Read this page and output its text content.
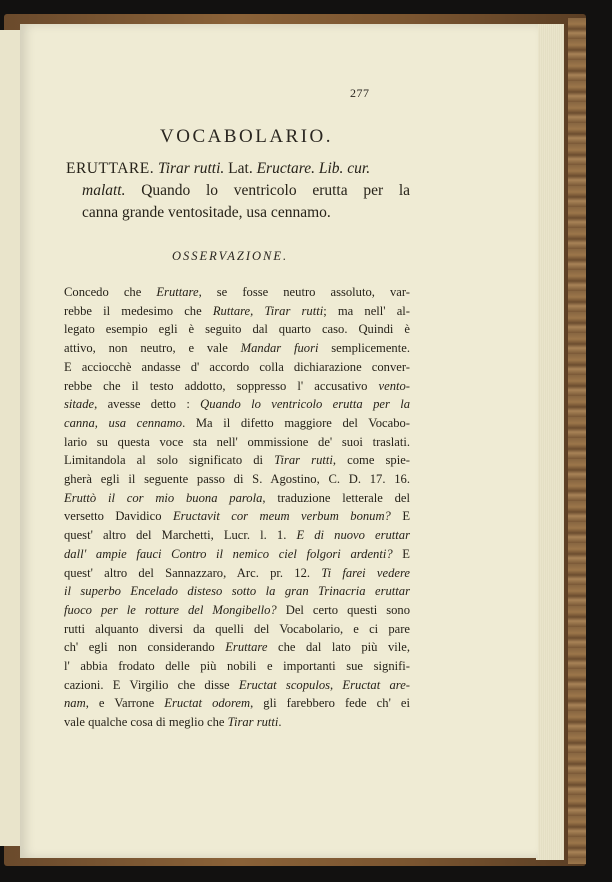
277
VOCABOLARIO.
ERUTTARE. Tirar rutti. Lat. Eructare. Lib. cur.
malatt. Quando lo ventricolo erutta per la
canna grande ventositade, usa cennamo.
OSSERVAZIONE.
Concedo che Eruttare, se fosse neutro assoluto, var-
rebbe il medesimo che Ruttare, Tirar rutti; ma nell' al-
legato esempio egli è seguito dal quarto caso. Quindi è
attivo, non neutro, e vale Mandar fuori semplicemente.
E acciocchè andasse d' accordo colla dichiarazione conver-
rebbe che il testo addotto, soppresso l' accusativo vento-
sitade, avesse detto : Quando lo ventricolo erutta per la
canna, usa cennamo. Ma il difetto maggiore del Vocabo-
lario su questa voce sta nell' ommissione de' suoi traslati.
Limitandola al solo significato di Tirar rutti, come spie-
gherà egli il seguente passo di S. Agostino, C. D. 17. 16.
Eruttò il cor mio buona parola, traduzione letterale del
versetto Davidico Eructavit cor meum verbum bonum? E
quest' altro del Marchetti, Lucr. l. 1. E di nuovo eruttar
dall' ampie fauci Contro il nemico ciel folgori ardenti? E
quest' altro del Sannazzaro, Arc. pr. 12. Ti farei vedere
il superbo Encelado disteso sotto la gran Trinacria eruttar
fuoco per le rotture del Mongibello? Del certo questi sono
rutti alquanto diversi da quelli del Vocabolario, e ci pare
ch' egli non considerando Eruttare che dal lato più vile,
l' abbia frodato delle più nobili e importanti sue signifi-
cazioni. E Virgilio che disse Eructat scopulos, Eructat are-
nam, e Varrone Eructat odorem, gli farebbero fede ch' ei
vale qualche cosa di meglio che Tirar rutti.
